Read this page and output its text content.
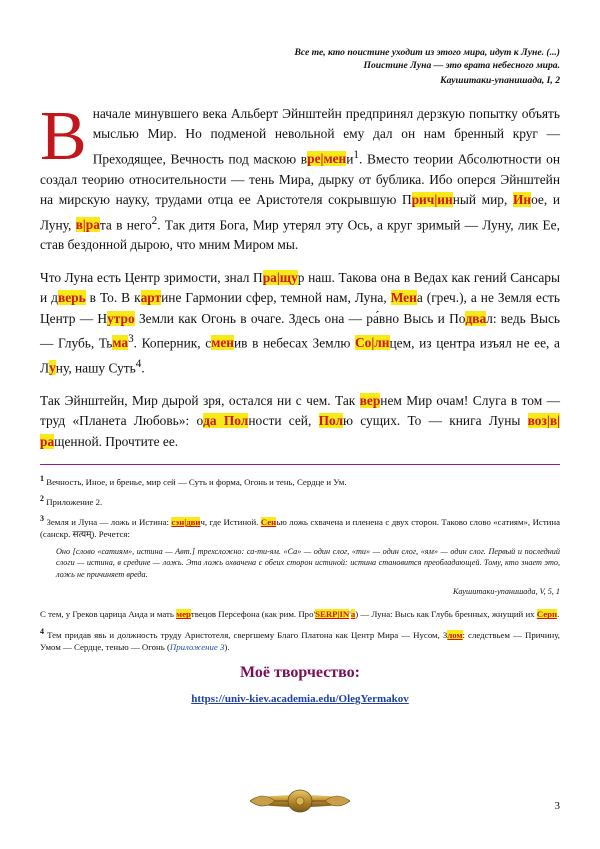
Все те, кто поистине уходит из этого мира, идут к Луне. (...)
Поистине Луна — это врата небесного мира.
Каушитаки-упанишада, I, 2

Вначале минувшего века Альберт Эйнштейн предпринял дерзкую попытку объять мыслью Мир. Но подменой невольной ему дал он нам бренный круг — Преходящее, Вечность под маскою вре|мени$^1$. Вместо теории Абсолютности он создал теорию относительности — тень Мира, дырку от бублика. Ибо оперся Эйнштейн на мирскую науку, трудами отца ее Аристотеля сокрывшую Прич|инный мир, Иное, и Луну, в|рата в него$^2$. Так дитя Бога, Мир утерял эту Ось, а круг зримый — Луну, лик Ее, став бездонной дырою, что мним Миром мы.

Что Луна есть Центр зримости, знал Пра|щур наш. Такова она в Ведах как гений Сансары и дверь в То. В картине Гармонии сфер, темной нам, Луна, Мена (греч.), а не Земля есть Центр — Нутро Земли как Огонь в очаге. Здесь она — ра́вно Высь и Подвал: ведь Высь — Глубь, Тьма$^3$. Коперник, сменив в небесах Землю Со|лнцем, из центра изъял не ее, а Луну, нашу Суть$^4$.

Так Эйнштейн, Мир дырой зря, остался ни с чем. Так вернем Мир очам! Слуга в том — труд «Планета Любовь»: ода Полности сей, Полю сущих. То — книга Луны воз|в|ращенной. Прочтите ее.

1 Вечность, Иное, и бренье, мир сей — Суть и форма, Огонь и тень, Сердце и Ум.
2 Приложение 2.
3 Земля и Луна — ложь и Истина: сэн|двич, где Истиной. Сенью ложь схвачена и пленена с двух сторон. Таково слово «сатиям», Истина (санскр. सत्यम्). Речется:
Оно [слово «сатиям», истина — Авт.] трехсложно: са-ти-ям. «Са» — один слог, «ти» — один слог, «ям» — один слог. Первый и последний слоги — истина, в средине — ложь. Эта ложь охвачена с обеих сторон истиной: истина становится преобладающей. Тому, кто знает это, ложь не причиняет вреда.
Каушитаки-упанишада, V, 5, 1
С тем, у Греков царица Аида и мать мертвецов Персефона (как рим. Про'SERP|IN а) — Луна: Высь как Глубь бренных, жнущий их Серп.
4 Тем придав явь и должность труду Аристотеля, свергшему Благо Платона как Центр Мира — Нусом, Злом: следствьем — Причину, Умом — Сердце, тенью — Огонь (Приложение 3).
Моё творчество:
https://univ-kiev.academia.edu/OlegYermakov
3
